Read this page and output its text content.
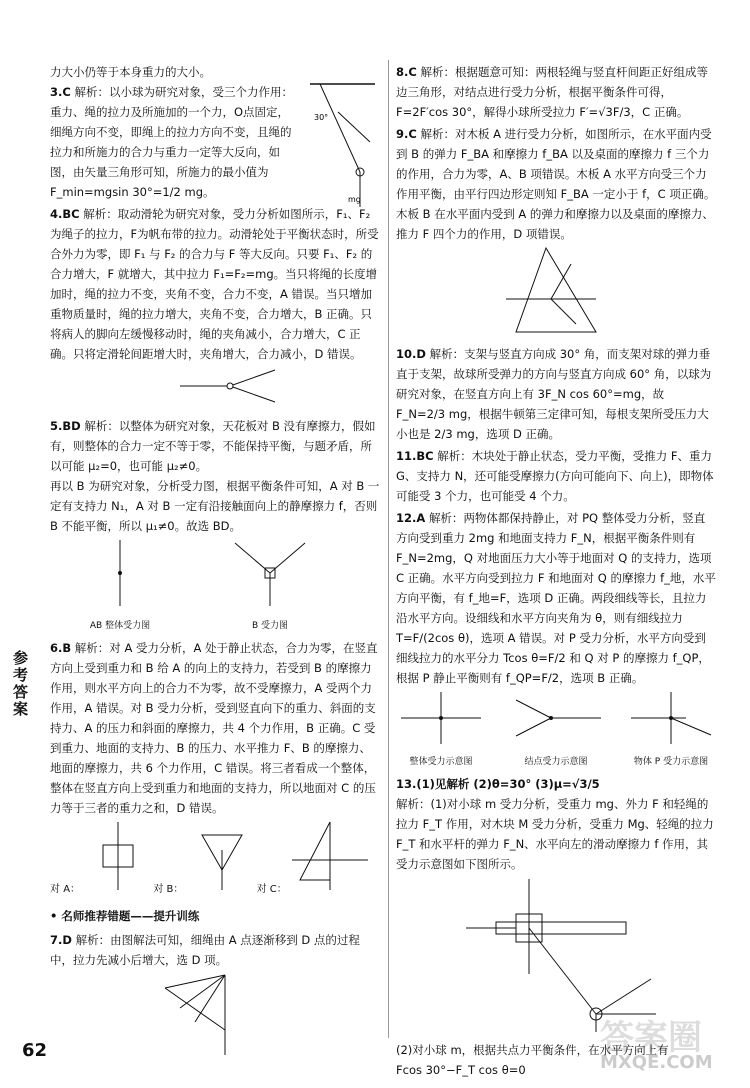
参考答案
62	答案圈
MXQE.COM

力大小仍等于本身重力的大小。

30°
mg

3.C 解析：以小球为研究对象，受三个力作用：重力、绳的拉力及所施加的一个力，O点固定，细绳方向不变，即绳上的拉力方向不变，且绳的拉力和所施力的合力与重力一定等大反向，如图，由矢量三角形可知，所施力的最小值为 F_min=mgsin 30°=1/2 mg。

4.BC 解析：取动滑轮为研究对象，受力分析如图所示，F₁、F₂为绳子的拉力，F为帆布带的拉力。动滑轮处于平衡状态时，所受合外力为零，即 F₁ 与 F₂ 的合力与 F 等大反向。只要 F₁、F₂ 的合力增大，F 就增大，其中拉力 F₁=F₂=mg。当只将绳的长度增加时，绳的拉力不变，夹角不变，合力不变，A 错误。当只增加重物质量时，绳的拉力增大，夹角不变，合力增大，B 正确。只将病人的脚向左缓慢移动时，绳的夹角减小，合力增大，C 正确。只将定滑轮间距增大时，夹角增大，合力减小，D 错误。

5.BD 解析：以整体为研究对象，天花板对 B 没有摩擦力，假如有，则整体的合力一定不等于零，不能保持平衡，与题矛盾，所以可能 μ₂=0，也可能 μ₂≠0。

再以 B 为研究对象，分析受力图，根据平衡条件可知，A 对 B 一定有支持力 N₁，A 对 B 一定有沿接触面向上的静摩擦力 f，否则 B 不能平衡，所以 μ₁≠0。故选 BD。

AB 整体受力图	B 受力图

6.B 解析：对 A 受力分析，A 处于静止状态，合力为零，在竖直方向上受到重力和 B 给 A 的向上的支持力，若受到 B 的摩擦力作用，则水平方向上的合力不为零，故不受摩擦力，A 受两个力作用，A 错误。对 B 受力分析，受到竖直向下的重力、斜面的支持力、A 的压力和斜面的摩擦力，共 4 个力作用，B 正确。C 受到重力、地面的支持力、B 的压力、水平推力 F、B 的摩擦力、地面的摩擦力，共 6 个力作用，C 错误。将三者看成一个整体，整体在竖直方向上受到重力和地面的支持力，所以地面对 C 的压力等于三者的重力之和，D 错误。

对 A：	对 B：	对 C：

• 名师推荐错题——提升训练

7.D 解析：由图解法可知，细绳由 A 点逐渐移到 D 点的过程中，拉力先减小后增大，选 D 项。

8.C 解析：根据题意可知：两根轻绳与竖直杆间距正好组成等边三角形，对结点进行受力分析，根据平衡条件可得，F=2F′cos 30°，解得小球所受拉力 F′=√3F/3，C 正确。

9.C 解析：对木板 A 进行受力分析，如图所示，在水平面内受到 B 的弹力 F_BA 和摩擦力 f_BA 以及桌面的摩擦力 f 三个力的作用，合力为零，A、B 项错误。木板 A 水平方向受三个力作用平衡，由平行四边形定则知 F_BA 一定小于 f，C 项正确。木板 B 在水平面内受到 A 的弹力和摩擦力以及桌面的摩擦力、推力 F 四个力的作用，D 项错误。

10.D 解析：支架与竖直方向成 30° 角，而支架对球的弹力垂直于支架，故球所受弹力的方向与竖直方向成 60° 角，以球为研究对象，在竖直方向上有 3F_N cos 60°=mg，故 F_N=2/3 mg，根据牛顿第三定律可知，每根支架所受压力大小也是 2/3 mg，选项 D 正确。

11.BC 解析：木块处于静止状态，受力平衡，受推力 F、重力 G、支持力 N，还可能受摩擦力(方向可能向下、向上)，即物体可能受 3 个力，也可能受 4 个力。

12.A 解析：两物体都保持静止，对 PQ 整体受力分析，竖直方向受到重力 2mg 和地面支持力 F_N，根据平衡条件则有 F_N=2mg，Q 对地面压力大小等于地面对 Q 的支持力，选项 C 正确。水平方向受到拉力 F 和地面对 Q 的摩擦力 f_地，水平方向平衡，有 f_地=F，选项 D 正确。两段细线等长，且拉力沿水平方向。设细线和水平方向夹角为 θ，则有细线拉力 T=F/(2cos θ)，选项 A 错误。对 P 受力分析，水平方向受到细线拉力的水平分力 Tcos θ=F/2 和 Q 对 P 的摩擦力 f_QP，根据 P 静止平衡则有 f_QP=F/2，选项 B 正确。

整体受力示意图	结点受力示意图	物体 P 受力示意图

13.(1)见解析 (2)θ=30° (3)μ=√3/5

解析：(1)对小球 m 受力分析，受重力 mg、外力 F 和轻绳的拉力 F_T 作用，对木块 M 受力分析，受重力 Mg、轻绳的拉力 F_T 和水平杆的弹力 F_N、水平向左的滑动摩擦力 f 作用，其受力示意图如下图所示。

(2)对小球 m，根据共点力平衡条件，在水平方向上有

Fcos 30°−F_T cos θ=0
